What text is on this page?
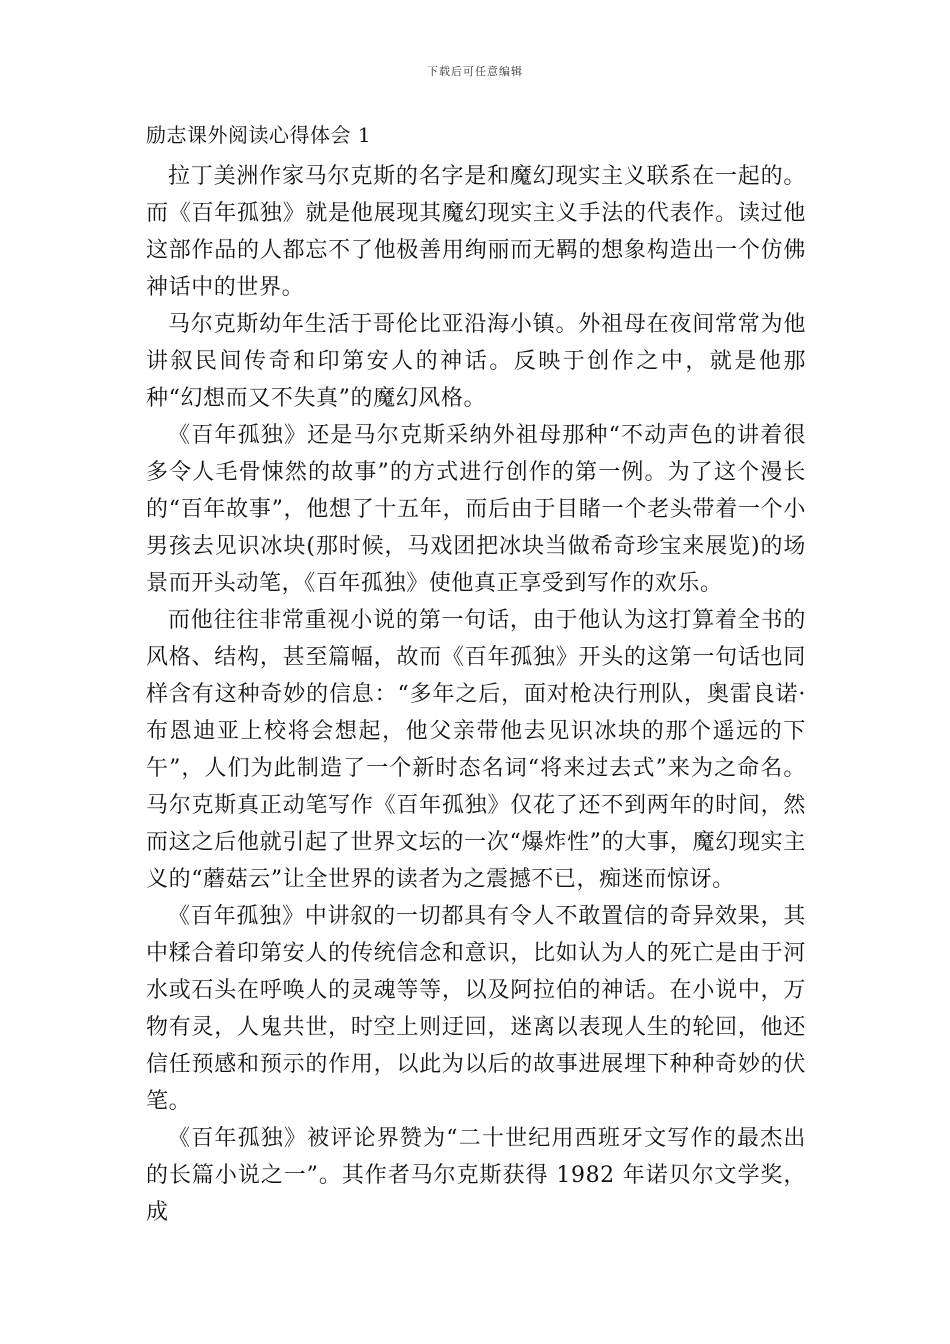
下载后可任意编辑
励志课外阅读心得体会 1

拉丁美洲作家马尔克斯的名字是和魔幻现实主义联系在一起的。而《百年孤独》就是他展现其魔幻现实主义手法的代表作。读过他这部作品的人都忘不了他极善用绚丽而无羁的想象构造出一个仿佛神话中的世界。

马尔克斯幼年生活于哥伦比亚沿海小镇。外祖母在夜间常常为他讲叙民间传奇和印第安人的神话。反映于创作之中，就是他那种“幻想而又不失真”的魔幻风格。

《百年孤独》还是马尔克斯采纳外祖母那种“不动声色的讲着很多令人毛骨悚然的故事”的方式进行创作的第一例。为了这个漫长的“百年故事”，他想了十五年，而后由于目睹一个老头带着一个小男孩去见识冰块(那时候，马戏团把冰块当做希奇珍宝来展览)的场景而开头动笔，《百年孤独》使他真正享受到写作的欢乐。

而他往往非常重视小说的第一句话，由于他认为这打算着全书的风格、结构，甚至篇幅，故而《百年孤独》开头的这第一句话也同样含有这种奇妙的信息：“多年之后，面对枪决行刑队，奥雷良诺·布恩迪亚上校将会想起，他父亲带他去见识冰块的那个遥远的下午”，人们为此制造了一个新时态名词“将来过去式”来为之命名。马尔克斯真正动笔写作《百年孤独》仅花了还不到两年的时间，然而这之后他就引起了世界文坛的一次“爆炸性”的大事，魔幻现实主义的“蘑菇云”让全世界的读者为之震撼不已，痴迷而惊讶。

《百年孤独》中讲叙的一切都具有令人不敢置信的奇异效果，其中糅合着印第安人的传统信念和意识，比如认为人的死亡是由于河水或石头在呼唤人的灵魂等等，以及阿拉伯的神话。在小说中，万物有灵，人鬼共世，时空上则迂回，迷离以表现人生的轮回，他还信任预感和预示的作用，以此为以后的故事进展埋下种种奇妙的伏笔。

《百年孤独》被评论界赞为“二十世纪用西班牙文写作的最杰出的长篇小说之一”。其作者马尔克斯获得 1982 年诺贝尔文学奖，成
